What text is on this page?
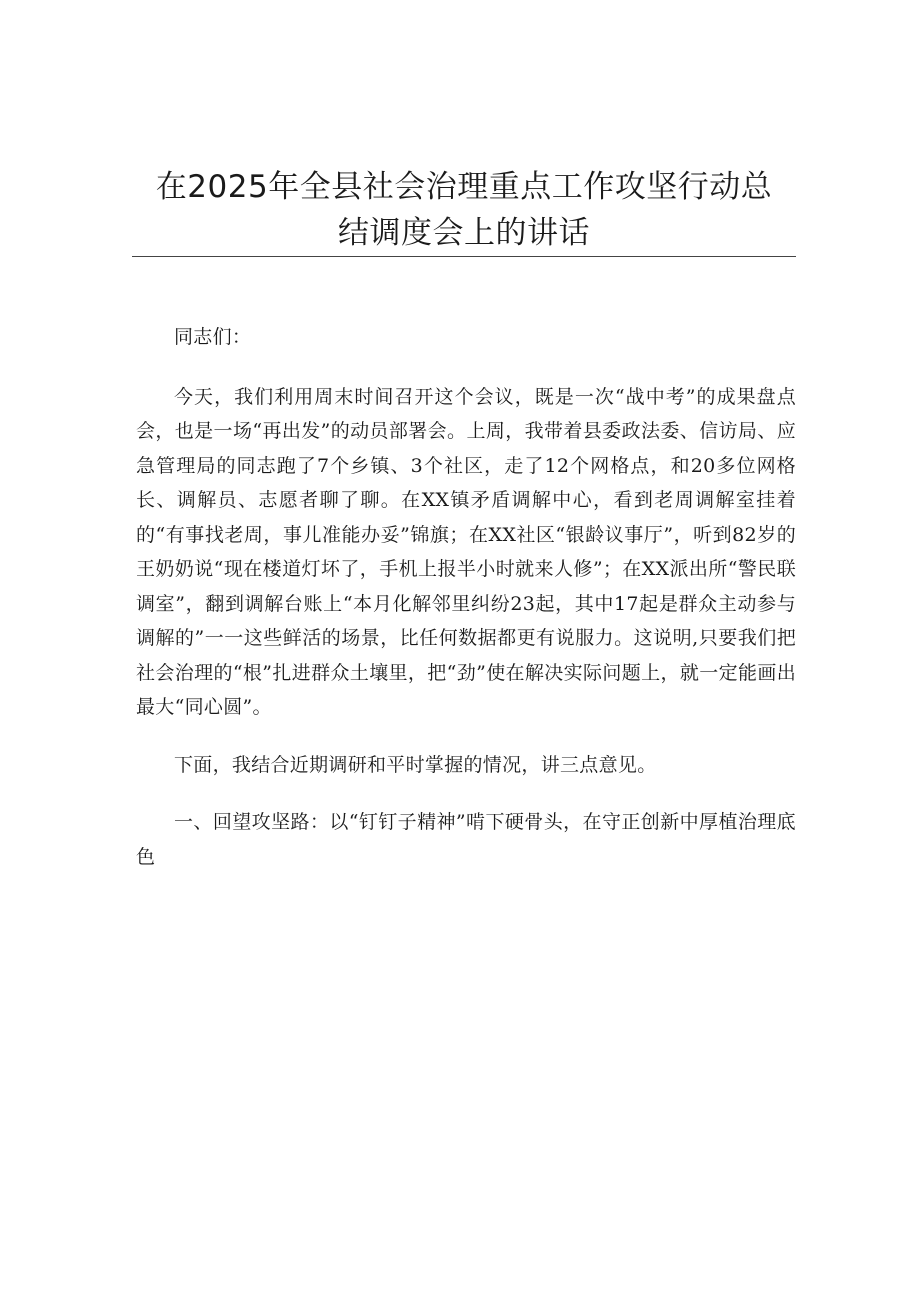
在2025年全县社会治理重点工作攻坚行动总
结调度会上的讲话

同志们：

今天，我们利用周末时间召开这个会议，既是一次“战中考”的成果盘点会，也是一场“再出发”的动员部署会。上周，我带着县委政法委、信访局、应急管理局的同志跑了7个乡镇、3个社区，走了12个网格点，和20多位网格长、调解员、志愿者聊了聊。在XX镇矛盾调解中心，看到老周调解室挂着的“有事找老周，事儿准能办妥”锦旗；在XX社区“银龄议事厅”，听到82岁的王奶奶说“现在楼道灯坏了，手机上报半小时就来人修”；在XX派出所“警民联调室”，翻到调解台账上“本月化解邻里纠纷23起，其中17起是群众主动参与调解的”一一这些鲜活的场景，比任何数据都更有说服力。这说明,只要我们把社会治理的“根”扎进群众土壤里，把“劲”使在解决实际问题上，就一定能画出最大“同心圆”。

下面，我结合近期调研和平时掌握的情况，讲三点意见。

一、回望攻坚路：以“钉钉子精神”啃下硬骨头，在守正创新中厚植治理底色
